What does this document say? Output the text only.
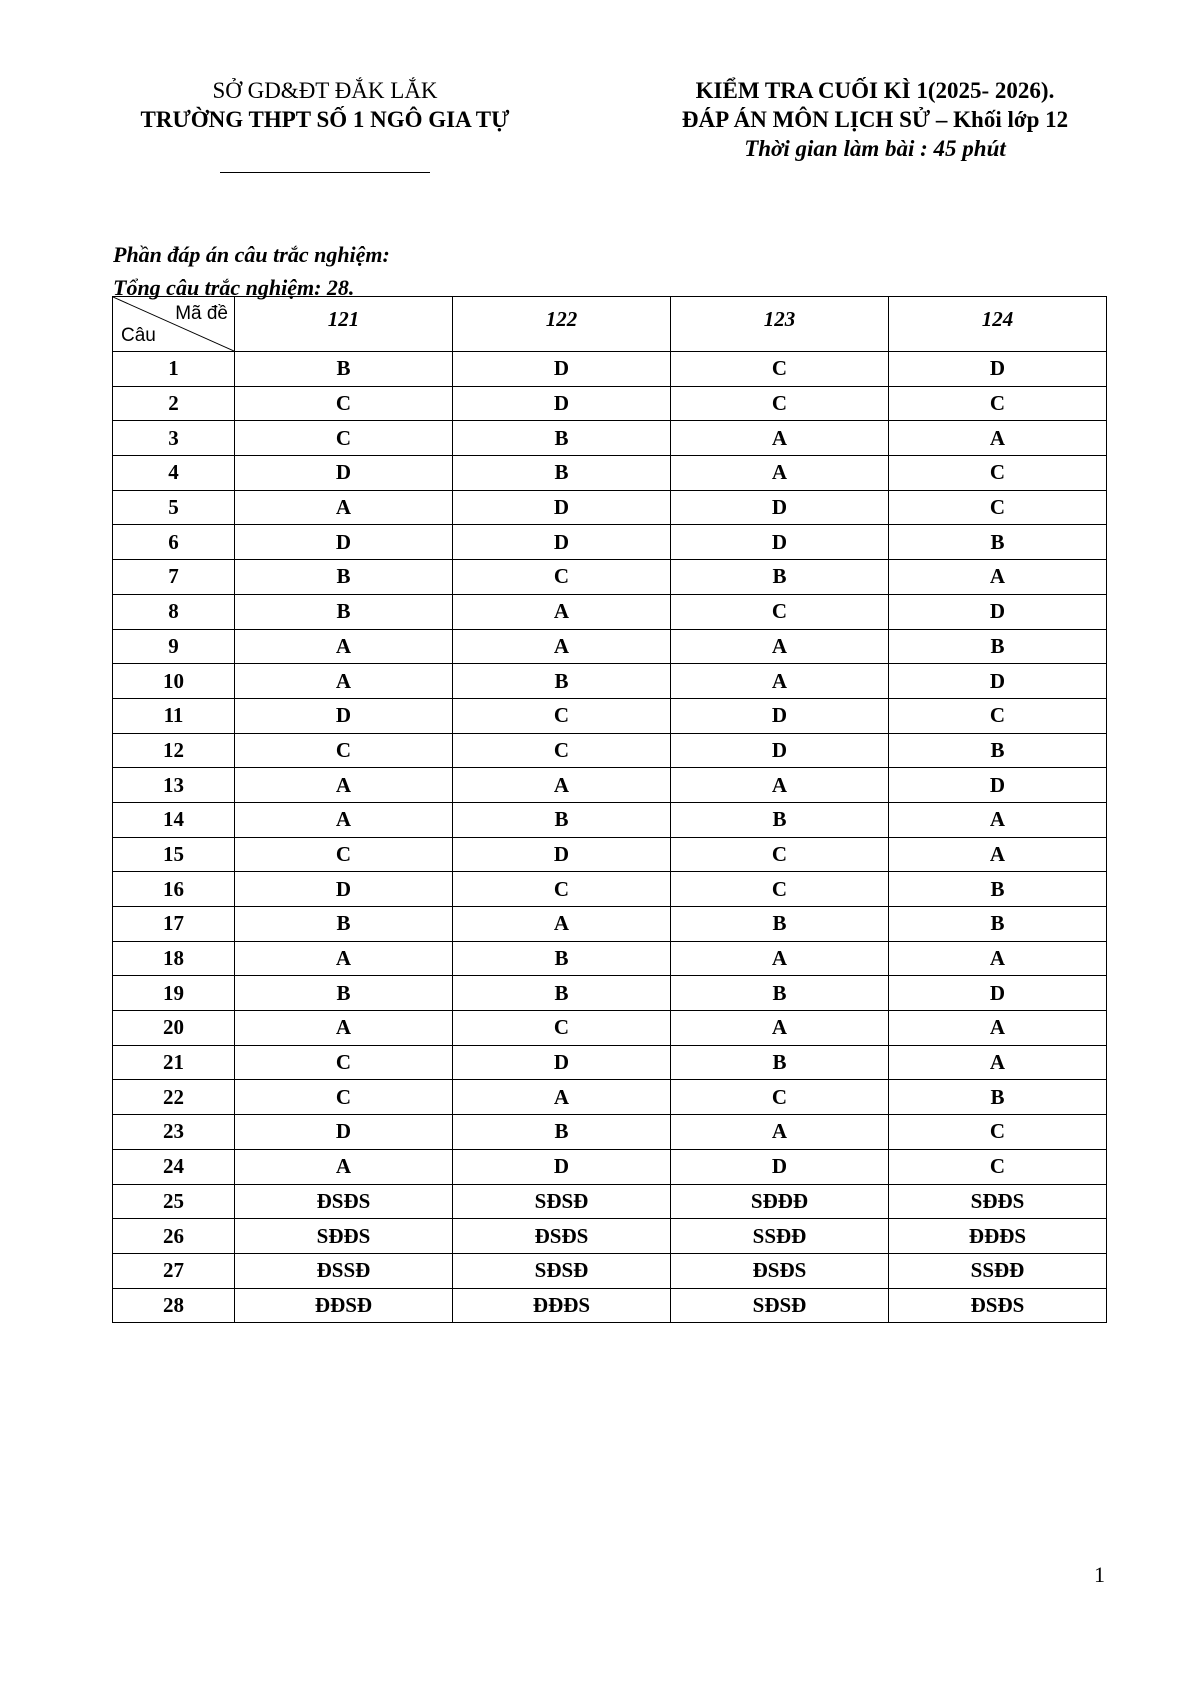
SỞ GD&ĐT ĐẮK LẮK
TRƯỜNG THPT SỐ 1 NGÔ GIA TỰ
KIỂM TRA CUỐI KÌ 1(2025- 2026).
ĐÁP ÁN MÔN LỊCH SỬ – Khối lớp 12
Thời gian làm bài : 45 phút
Phần đáp án câu trắc nghiệm:
Tổng câu trắc nghiệm: 28.
Mã đề
Câu	121	122	123	124
1	B	D	C	D
2	C	D	C	C
3	C	B	A	A
4	D	B	A	C
5	A	D	D	C
6	D	D	D	B
7	B	C	B	A
8	B	A	C	D
9	A	A	A	B
10	A	B	A	D
11	D	C	D	C
12	C	C	D	B
13	A	A	A	D
14	A	B	B	A
15	C	D	C	A
16	D	C	C	B
17	B	A	B	B
18	A	B	A	A
19	B	B	B	D
20	A	C	A	A
21	C	D	B	A
22	C	A	C	B
23	D	B	A	C
24	A	D	D	C
25	ĐSĐS	SĐSĐ	SĐĐĐ	SĐĐS
26	SĐĐS	ĐSĐS	SSĐĐ	ĐĐĐS
27	ĐSSĐ	SĐSĐ	ĐSĐS	SSĐĐ
28	ĐĐSĐ	ĐĐĐS	SĐSĐ	ĐSĐS
1
